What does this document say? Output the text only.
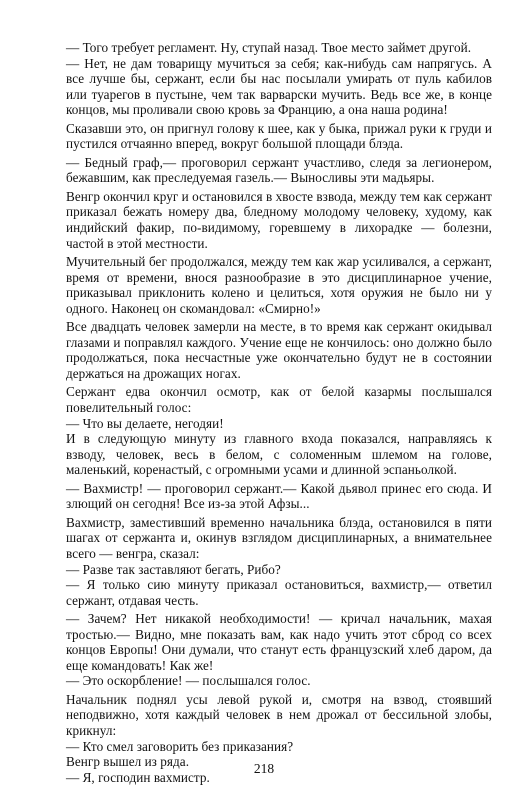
— Того требует регламент. Ну, ступай назад. Твое место займет другой.

— Нет, не дам товарищу мучиться за себя; как-нибудь сам напрягусь. А все лучше бы, сержант, если бы нас посылали умирать от пуль кабилов или туарегов в пустыне, чем так варварски мучить. Ведь все же, в конце концов, мы проливали свою кровь за Францию, а она наша родина!

Сказавши это, он пригнул голову к шее, как у быка, прижал руки к груди и пустился отчаянно вперед, вокруг большой площади блэда.

— Бедный граф,— проговорил сержант участливо, следя за легионером, бежавшим, как преследуемая газель.— Выносливы эти мадьяры.

Венгр окончил круг и остановился в хвосте взвода, между тем как сержант приказал бежать номеру два, бледному молодому человеку, худому, как индийский факир, по-видимому, горевшему в лихорадке — болезни, частой в этой местности.

Мучительный бег продолжался, между тем как жар усиливался, а сержант, время от времени, внося разнообразие в это дисциплинарное учение, приказывал приклонить колено и целиться, хотя оружия не было ни у одного. Наконец он скомандовал: «Смирно!»

Все двадцать человек замерли на месте, в то время как сержант окидывал глазами и поправлял каждого. Учение еще не кончилось: оно должно было продолжаться, пока несчастные уже окончательно будут не в состоянии держаться на дрожащих ногах.

Сержант едва окончил осмотр, как от белой казармы послышался повелительный голос:

— Что вы делаете, негодяи!

И в следующую минуту из главного входа показался, направляясь к взводу, человек, весь в белом, с соломенным шлемом на голове, маленький, коренастый, с огромными усами и длинной эспаньолкой.

— Вахмистр! — проговорил сержант.— Какой дьявол принес его сюда. И злющий он сегодня! Все из-за этой Афзы...

Вахмистр, заместивший временно начальника блэда, остановился в пяти шагах от сержанта и, окинув взглядом дисциплинарных, а внимательнее всего — венгра, сказал:

— Разве так заставляют бегать, Рибо?

— Я только сию минуту приказал остановиться, вахмистр,— ответил сержант, отдавая честь.

— Зачем? Нет никакой необходимости! — кричал начальник, махая тростью.— Видно, мне показать вам, как надо учить этот сброд со всех концов Европы! Они думали, что станут есть французский хлеб даром, да еще командовать! Как же!

— Это оскорбление! — послышался голос.

Начальник поднял усы левой рукой и, смотря на взвод, стоявший неподвижно, хотя каждый человек в нем дрожал от бессильной злобы, крикнул:

— Кто смел заговорить без приказания?

Венгр вышел из ряда.

— Я, господин вахмистр.

218
